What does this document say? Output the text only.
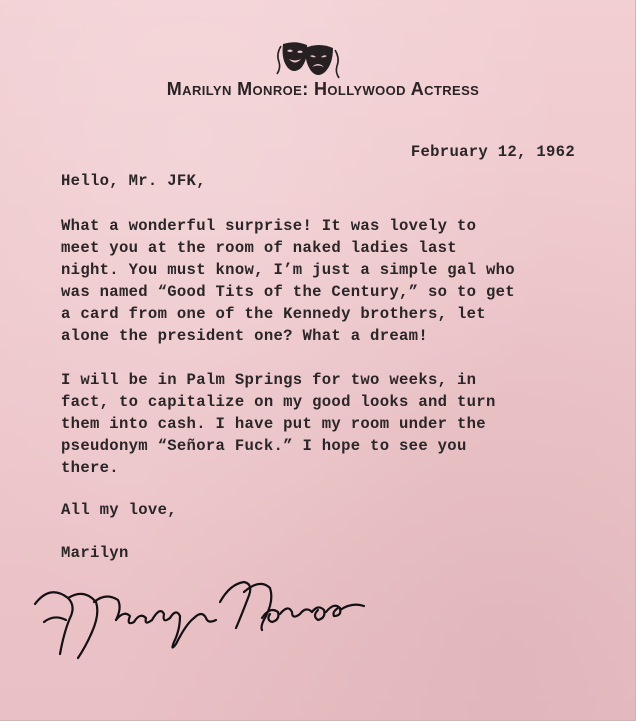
Marilyn Monroe: Hollywood Actress
February 12, 1962
Hello, Mr. JFK,
What a wonderful surprise! It was lovely to
meet you at the room of naked ladies last
night. You must know, I’m just a simple gal who
was named “Good Tits of the Century,” so to get
a card from one of the Kennedy brothers, let
alone the president one? What a dream!
I will be in Palm Springs for two weeks, in
fact, to capitalize on my good looks and turn
them into cash. I have put my room under the
pseudonym “Señora Fuck.” I hope to see you
there.
All my love,
Marilyn
